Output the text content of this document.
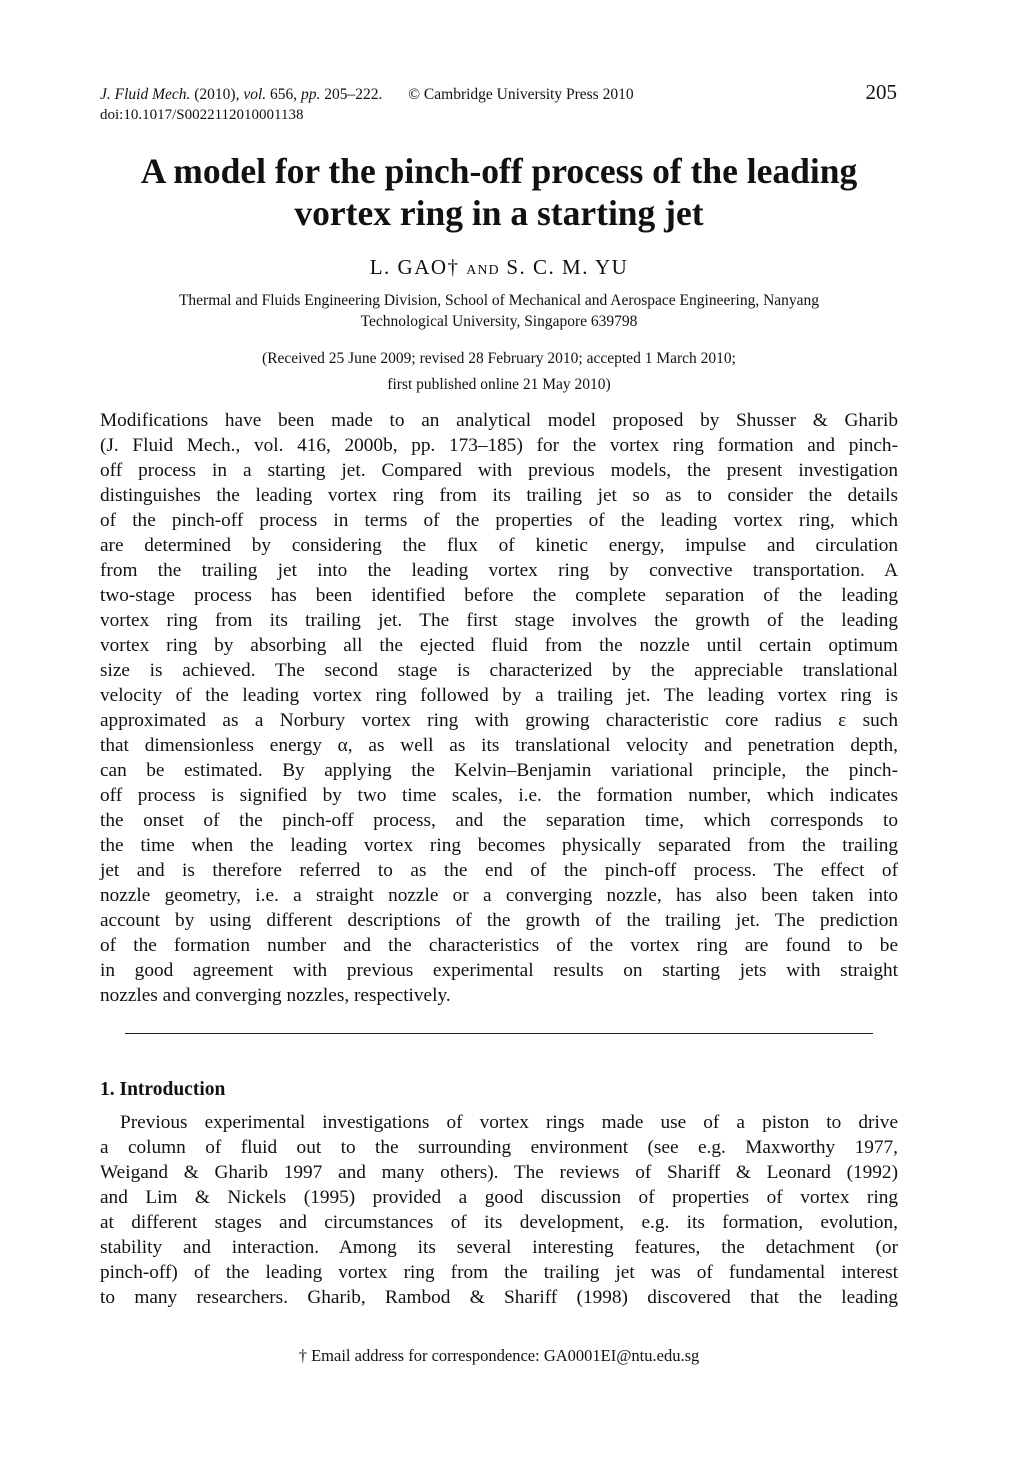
J. Fluid Mech. (2010), vol. 656, pp. 205–222. © Cambridge University Press 2010
doi:10.1017/S0022112010001138
205
A model for the pinch-off process of the leading
vortex ring in a starting jet
L. GAO† AND S. C. M. YU
Thermal and Fluids Engineering Division, School of Mechanical and Aerospace Engineering, Nanyang
Technological University, Singapore 639798
(Received 25 June 2009; revised 28 February 2010; accepted 1 March 2010;
first published online 21 May 2010)
Modifications have been made to an analytical model proposed by Shusser & Gharib
(J. Fluid Mech., vol. 416, 2000b, pp. 173–185) for the vortex ring formation and pinch-
off process in a starting jet. Compared with previous models, the present investigation
distinguishes the leading vortex ring from its trailing jet so as to consider the details
of the pinch-off process in terms of the properties of the leading vortex ring, which
are determined by considering the flux of kinetic energy, impulse and circulation
from the trailing jet into the leading vortex ring by convective transportation. A
two-stage process has been identified before the complete separation of the leading
vortex ring from its trailing jet. The first stage involves the growth of the leading
vortex ring by absorbing all the ejected fluid from the nozzle until certain optimum
size is achieved. The second stage is characterized by the appreciable translational
velocity of the leading vortex ring followed by a trailing jet. The leading vortex ring is
approximated as a Norbury vortex ring with growing characteristic core radius ε such
that dimensionless energy α, as well as its translational velocity and penetration depth,
can be estimated. By applying the Kelvin–Benjamin variational principle, the pinch-
off process is signified by two time scales, i.e. the formation number, which indicates
the onset of the pinch-off process, and the separation time, which corresponds to
the time when the leading vortex ring becomes physically separated from the trailing
jet and is therefore referred to as the end of the pinch-off process. The effect of
nozzle geometry, i.e. a straight nozzle or a converging nozzle, has also been taken into
account by using different descriptions of the growth of the trailing jet. The prediction
of the formation number and the characteristics of the vortex ring are found to be
in good agreement with previous experimental results on starting jets with straight
nozzles and converging nozzles, respectively.
1. Introduction
Previous experimental investigations of vortex rings made use of a piston to drive
a column of fluid out to the surrounding environment (see e.g. Maxworthy 1977,
Weigand & Gharib 1997 and many others). The reviews of Shariff & Leonard (1992)
and Lim & Nickels (1995) provided a good discussion of properties of vortex ring
at different stages and circumstances of its development, e.g. its formation, evolution,
stability and interaction. Among its several interesting features, the detachment (or
pinch-off) of the leading vortex ring from the trailing jet was of fundamental interest
to many researchers. Gharib, Rambod & Shariff (1998) discovered that the leading
† Email address for correspondence: GA0001EI@ntu.edu.sg
